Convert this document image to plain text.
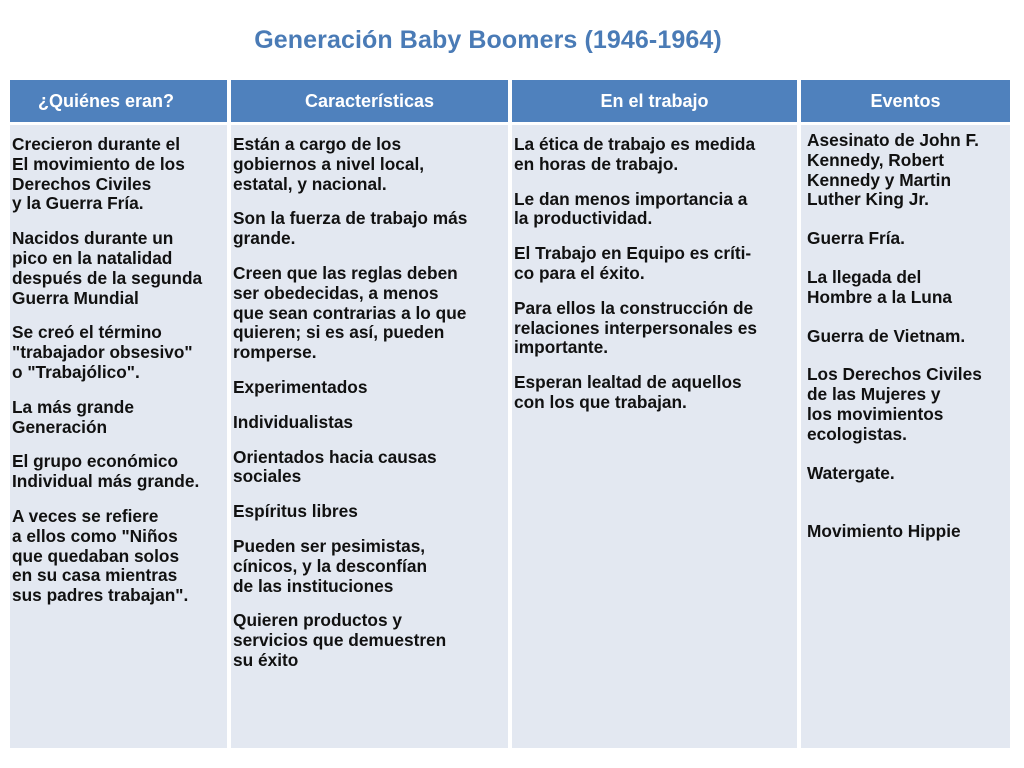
Generación Baby Boomers (1946-1964)
¿Quiénes eran?

Crecieron durante el
El movimiento de los
Derechos Civiles
y la Guerra Fría.

Nacidos durante un
pico en la natalidad
después de la segunda
Guerra Mundial

Se creó el término
"trabajador obsesivo"
o "Trabajólico".

La más grande
Generación

El grupo económico
Individual más grande.

A veces se refiere
a ellos como "Niños
que quedaban solos
en su casa mientras
sus padres trabajan".

Características

Están a cargo de los
gobiernos a nivel local,
estatal, y nacional.

Son la fuerza de trabajo más
grande.

Creen que las reglas deben
ser obedecidas, a menos
que sean contrarias a lo que
quieren; si es así, pueden
romperse.

Experimentados

Individualistas

Orientados hacia causas
sociales

Espíritus libres

Pueden ser pesimistas,
cínicos, y la desconfían
de las instituciones

Quieren productos y
servicios que demuestren
su éxito

En el trabajo

La ética de trabajo es medida
en horas de trabajo.

Le dan menos importancia a
la productividad.

El Trabajo en Equipo es críti-
co para el éxito.

Para ellos la construcción de
relaciones interpersonales es
importante.

Esperan lealtad de aquellos
con los que trabajan.

Eventos

Asesinato de John F.
Kennedy, Robert
Kennedy y Martin
Luther King Jr.

Guerra Fría.

La llegada del
Hombre a la Luna

Guerra de Vietnam.

Los Derechos Civiles
de las Mujeres y
los movimientos
ecologistas.

Watergate.

Movimiento Hippie
